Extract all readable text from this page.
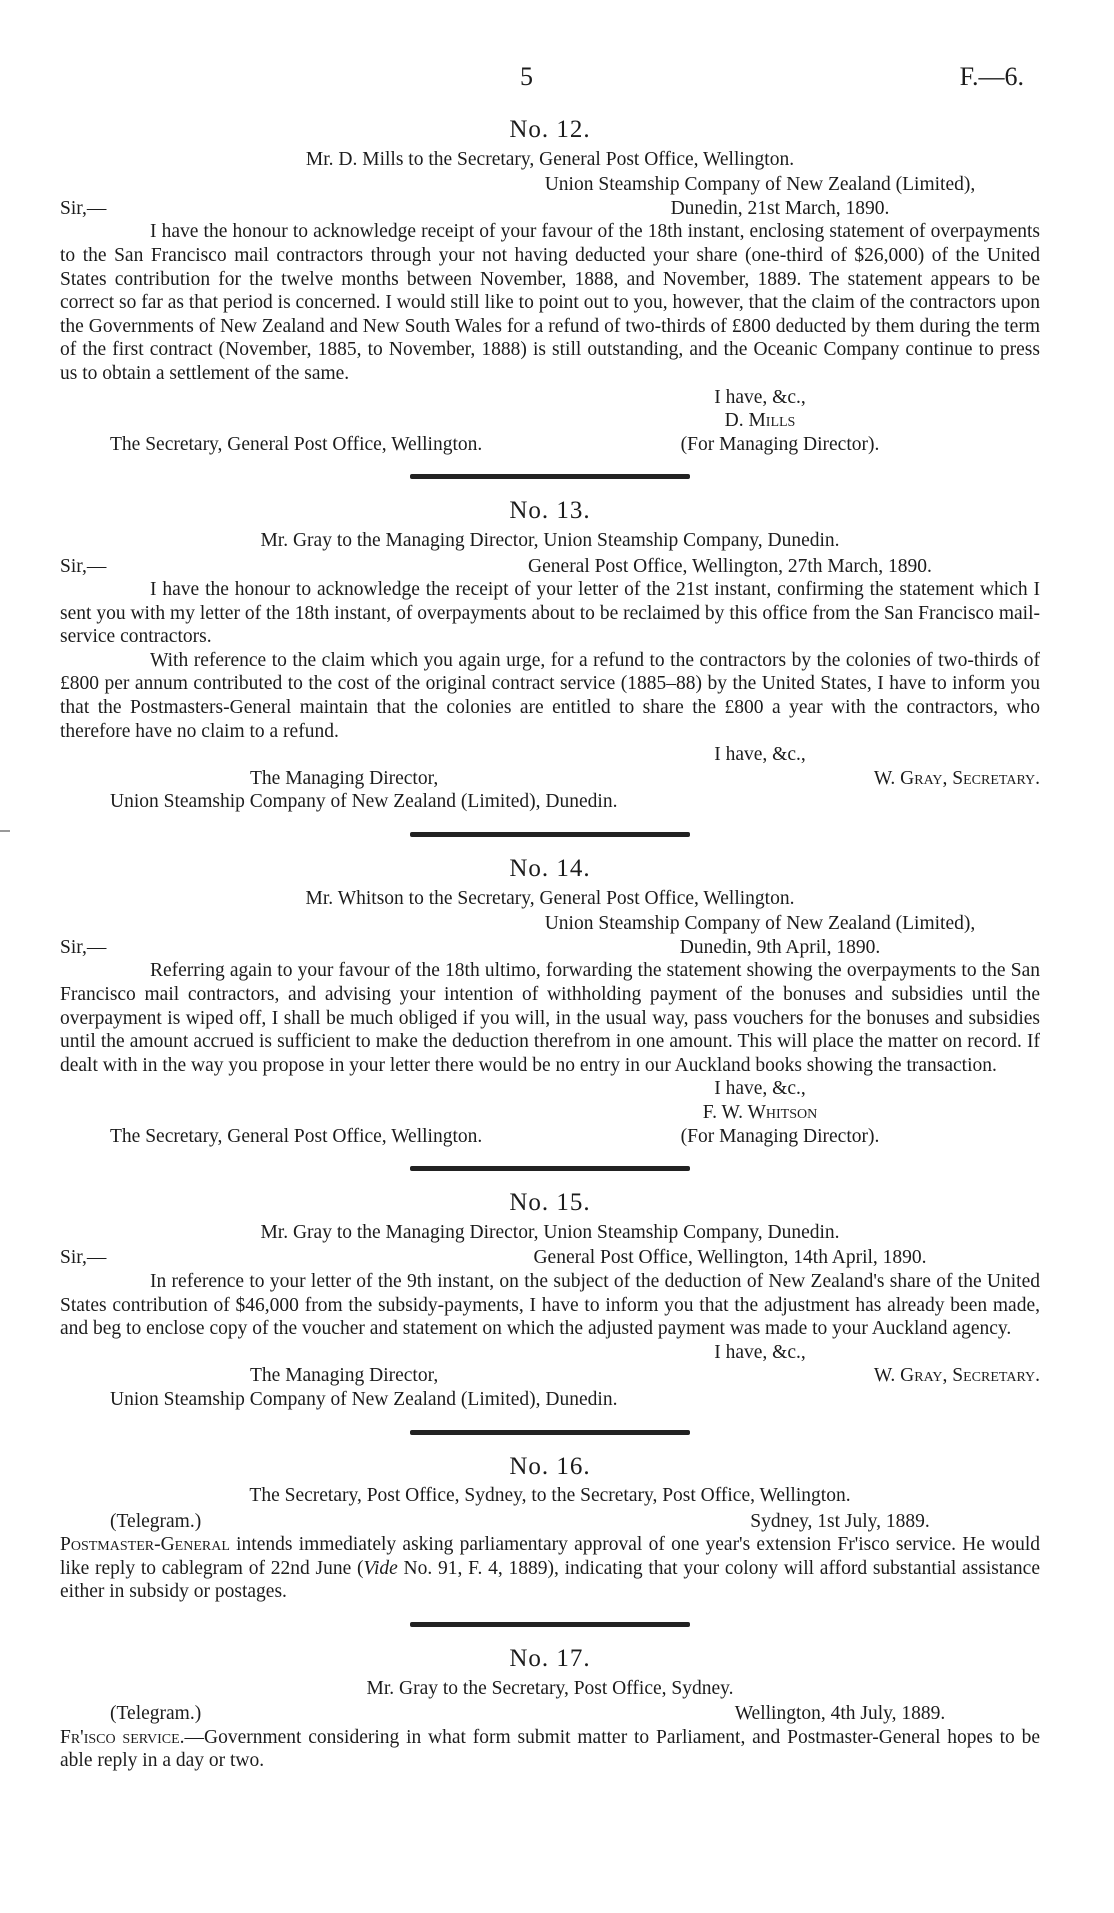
5	F.—6.
No. 12.
Mr. D. Mills to the Secretary, General Post Office, Wellington.
Union Steamship Company of New Zealand (Limited),
Sir,—	Dunedin, 21st March, 1890.

I have the honour to acknowledge receipt of your favour of the 18th instant, enclosing statement of overpayments to the San Francisco mail contractors through your not having deducted your share (one-third of $26,000) of the United States contribution for the twelve months between November, 1888, and November, 1889. The statement appears to be correct so far as that period is concerned. I would still like to point out to you, however, that the claim of the contractors upon the Governments of New Zealand and New South Wales for a refund of two-thirds of £800 deducted by them during the term of the first contract (November, 1885, to November, 1888) is still outstanding, and the Oceanic Company continue to press us to obtain a settlement of the same.

I have, &c.,
D. Mills
The Secretary, General Post Office, Wellington.	(For Managing Director).
No. 13.
Mr. Gray to the Managing Director, Union Steamship Company, Dunedin.
Sir,—	General Post Office, Wellington, 27th March, 1890.

I have the honour to acknowledge the receipt of your letter of the 21st instant, confirming the statement which I sent you with my letter of the 18th instant, of overpayments about to be reclaimed by this office from the San Francisco mail-service contractors.

With reference to the claim which you again urge, for a refund to the contractors by the colonies of two-thirds of £800 per annum contributed to the cost of the original contract service (1885–88) by the United States, I have to inform you that the Postmasters-General maintain that the colonies are entitled to share the £800 a year with the contractors, who therefore have no claim to a refund.

I have, &c.,
The Managing Director,	W. Gray, Secretary.
Union Steamship Company of New Zealand (Limited), Dunedin.
No. 14.
Mr. Whitson to the Secretary, General Post Office, Wellington.
Union Steamship Company of New Zealand (Limited),
Sir,—	Dunedin, 9th April, 1890.

Referring again to your favour of the 18th ultimo, forwarding the statement showing the overpayments to the San Francisco mail contractors, and advising your intention of withholding payment of the bonuses and subsidies until the overpayment is wiped off, I shall be much obliged if you will, in the usual way, pass vouchers for the bonuses and subsidies until the amount accrued is sufficient to make the deduction therefrom in one amount. This will place the matter on record. If dealt with in the way you propose in your letter there would be no entry in our Auckland books showing the transaction.

I have, &c.,
F. W. Whitson
The Secretary, General Post Office, Wellington.	(For Managing Director).
No. 15.
Mr. Gray to the Managing Director, Union Steamship Company, Dunedin.
Sir,—	General Post Office, Wellington, 14th April, 1890.

In reference to your letter of the 9th instant, on the subject of the deduction of New Zealand's share of the United States contribution of $46,000 from the subsidy-payments, I have to inform you that the adjustment has already been made, and beg to enclose copy of the voucher and statement on which the adjusted payment was made to your Auckland agency.

I have, &c.,
The Managing Director,	W. Gray, Secretary.
Union Steamship Company of New Zealand (Limited), Dunedin.
No. 16.
The Secretary, Post Office, Sydney, to the Secretary, Post Office, Wellington.
(Telegram.)	Sydney, 1st July, 1889.

Postmaster-General intends immediately asking parliamentary approval of one year's extension Fr'isco service. He would like reply to cablegram of 22nd June (Vide No. 91, F. 4, 1889), indicating that your colony will afford substantial assistance either in subsidy or postages.

No. 17.
Mr. Gray to the Secretary, Post Office, Sydney.
(Telegram.)	Wellington, 4th July, 1889.

Fr'isco service.—Government considering in what form submit matter to Parliament, and Postmaster-General hopes to be able reply in a day or two.
